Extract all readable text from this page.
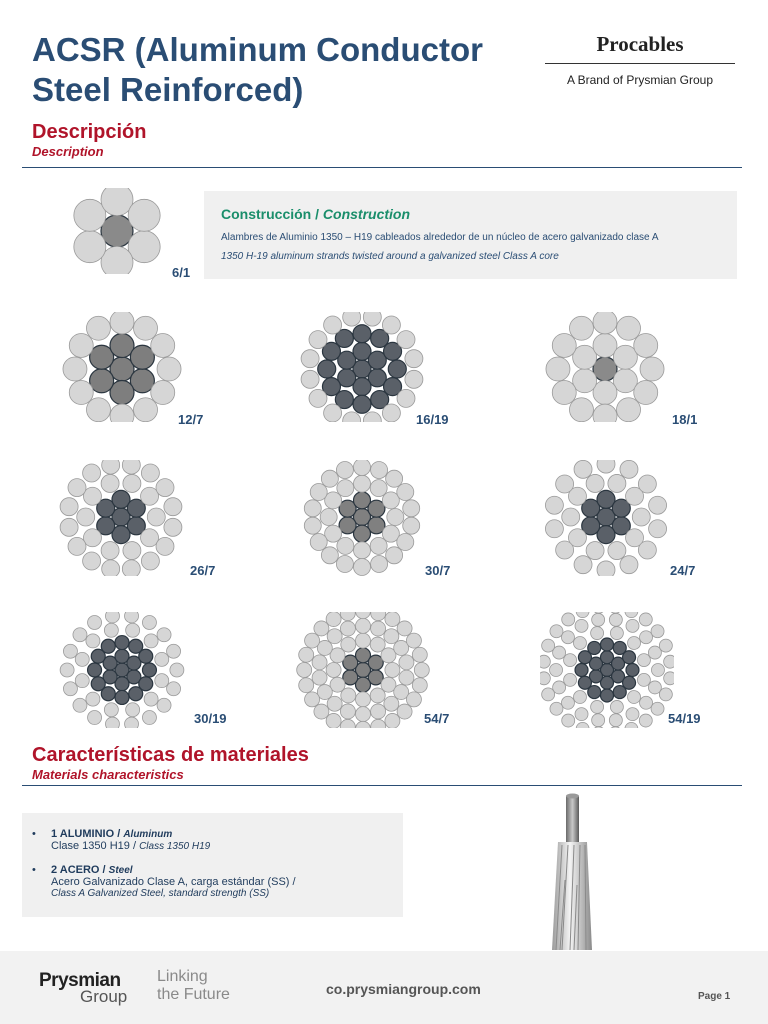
ACSR (Aluminum Conductor
Steel Reinforced)
Procables
A Brand of Prysmian Group

Descripción

Description

Construcción / Construction
Alambres de Aluminio 1350 – H19 cableados alrededor de un núcleo de acero galvanizado clase A
1350 H-19 aluminum strands twisted around a galvanized steel Class A core
6/1
12/7	16/19	18/1
26/7	30/7	24/7
30/19	54/7	54/19

Características de materiales

Materials characteristics

• 1 ALUMINIO / Aluminum
Clase 1350 H19 / Class 1350 H19
• 2 ACERO / Steel
Acero Galvanizado Clase A, carga estándar (SS) /
Class A Galvanized Steel, standard strength (SS)
Prysmian
Group
Linking
the Future	co.prysmiangroup.com	Page 1
